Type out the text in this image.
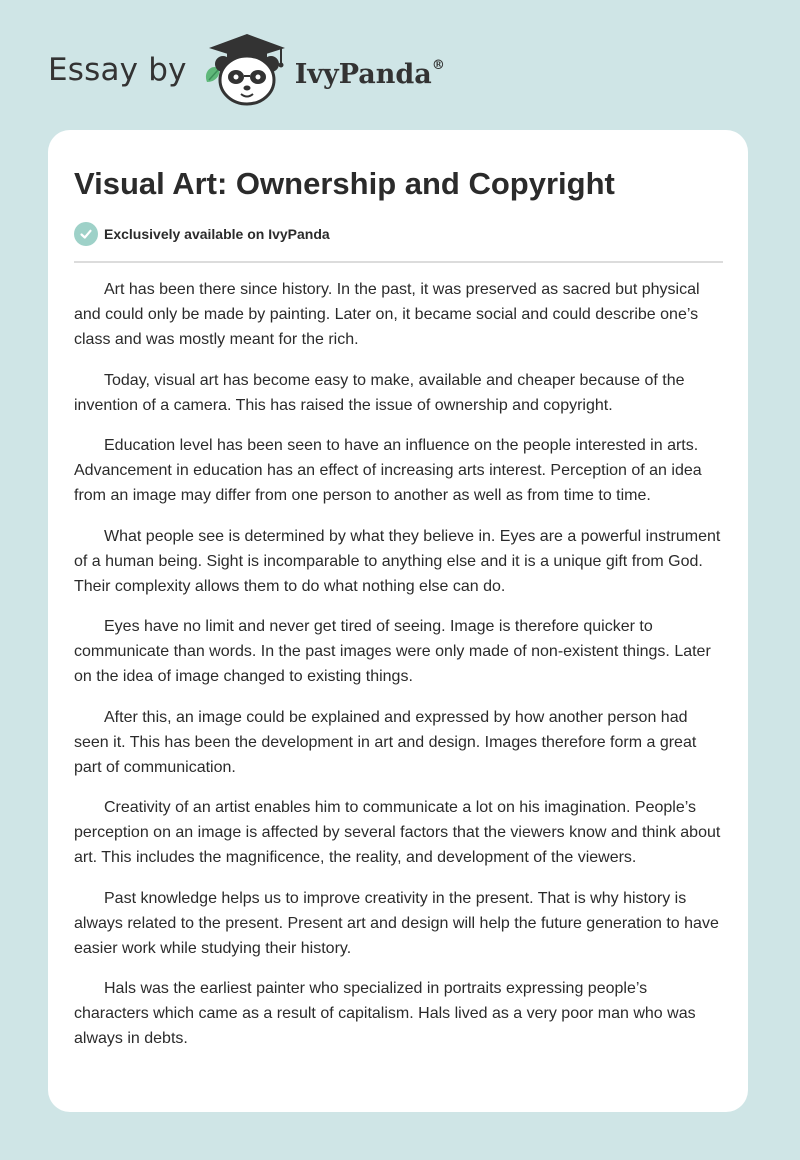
Essay by	IvyPanda®
Visual Art: Ownership and Copyright
Exclusively available on IvyPanda

Art has been there since history. In the past, it was preserved as sacred but physical and could only be made by painting. Later on, it became social and could describe one’s class and was mostly meant for the rich.

Today, visual art has become easy to make, available and cheaper because of the invention of a camera. This has raised the issue of ownership and copyright.

Education level has been seen to have an influence on the people interested in arts. Advancement in education has an effect of increasing arts interest. Perception of an idea from an image may differ from one person to another as well as from time to time.

What people see is determined by what they believe in. Eyes are a powerful instrument of a human being. Sight is incomparable to anything else and it is a unique gift from God. Their complexity allows them to do what nothing else can do.

Eyes have no limit and never get tired of seeing. Image is therefore quicker to communicate than words. In the past images were only made of non-existent things. Later on the idea of image changed to existing things.

After this, an image could be explained and expressed by how another person had seen it. This has been the development in art and design. Images therefore form a great part of communication.

Creativity of an artist enables him to communicate a lot on his imagination. People’s perception on an image is affected by several factors that the viewers know and think about art. This includes the magnificence, the reality, and development of the viewers.

Past knowledge helps us to improve creativity in the present. That is why history is always related to the present. Present art and design will help the future generation to have easier work while studying their history.

Hals was the earliest painter who specialized in portraits expressing people’s characters which came as a result of capitalism. Hals lived as a very poor man who was always in debts.
